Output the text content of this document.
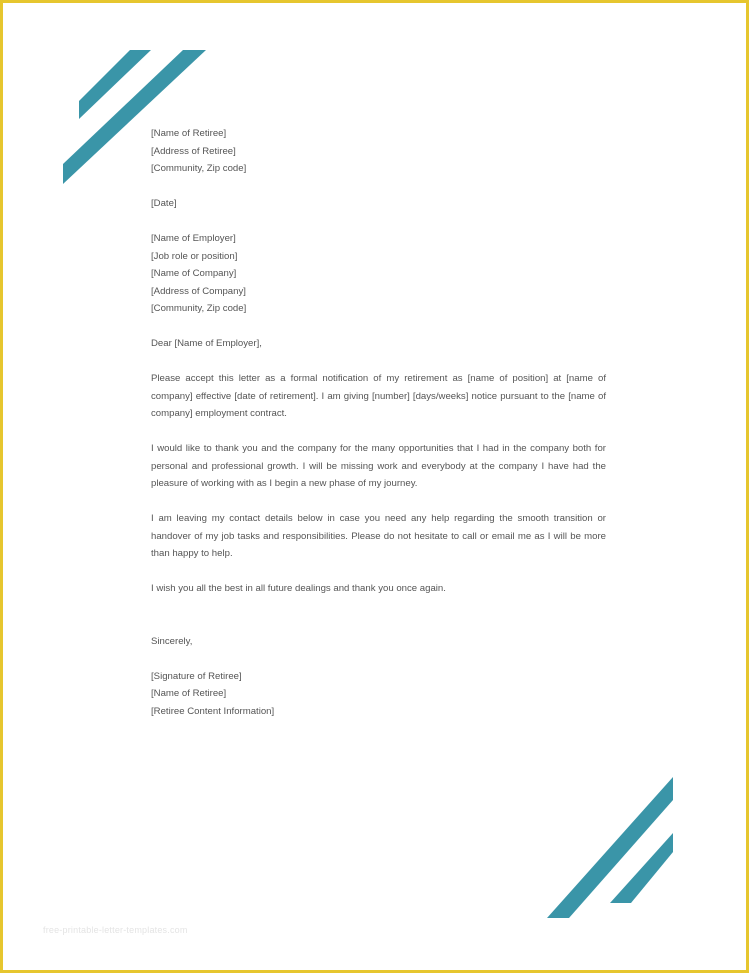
[Name of Retiree]

[Address of Retiree]

[Community, Zip code]

[Date]

[Name of Employer]

[Job role or position]

[Name of Company]

[Address of Company]

[Community, Zip code]

Dear [Name of Employer],

Please accept this letter as a formal notification of my retirement as [name of position] at [name of company] effective [date of retirement]. I am giving [number] [days/weeks] notice pursuant to the [name of company] employment contract.

I would like to thank you and the company for the many opportunities that I had in the company both for personal and professional growth. I will be missing work and everybody at the company I have had the pleasure of working with as I begin a new phase of my journey.

I am leaving my contact details below in case you need any help regarding the smooth transition or handover of my job tasks and responsibilities. Please do not hesitate to call or email me as I will be more than happy to help.

I wish you all the best in all future dealings and thank you once again.

Sincerely,

[Signature of Retiree]

[Name of Retiree]

[Retiree Content Information]

free-printable-letter-templates.com
